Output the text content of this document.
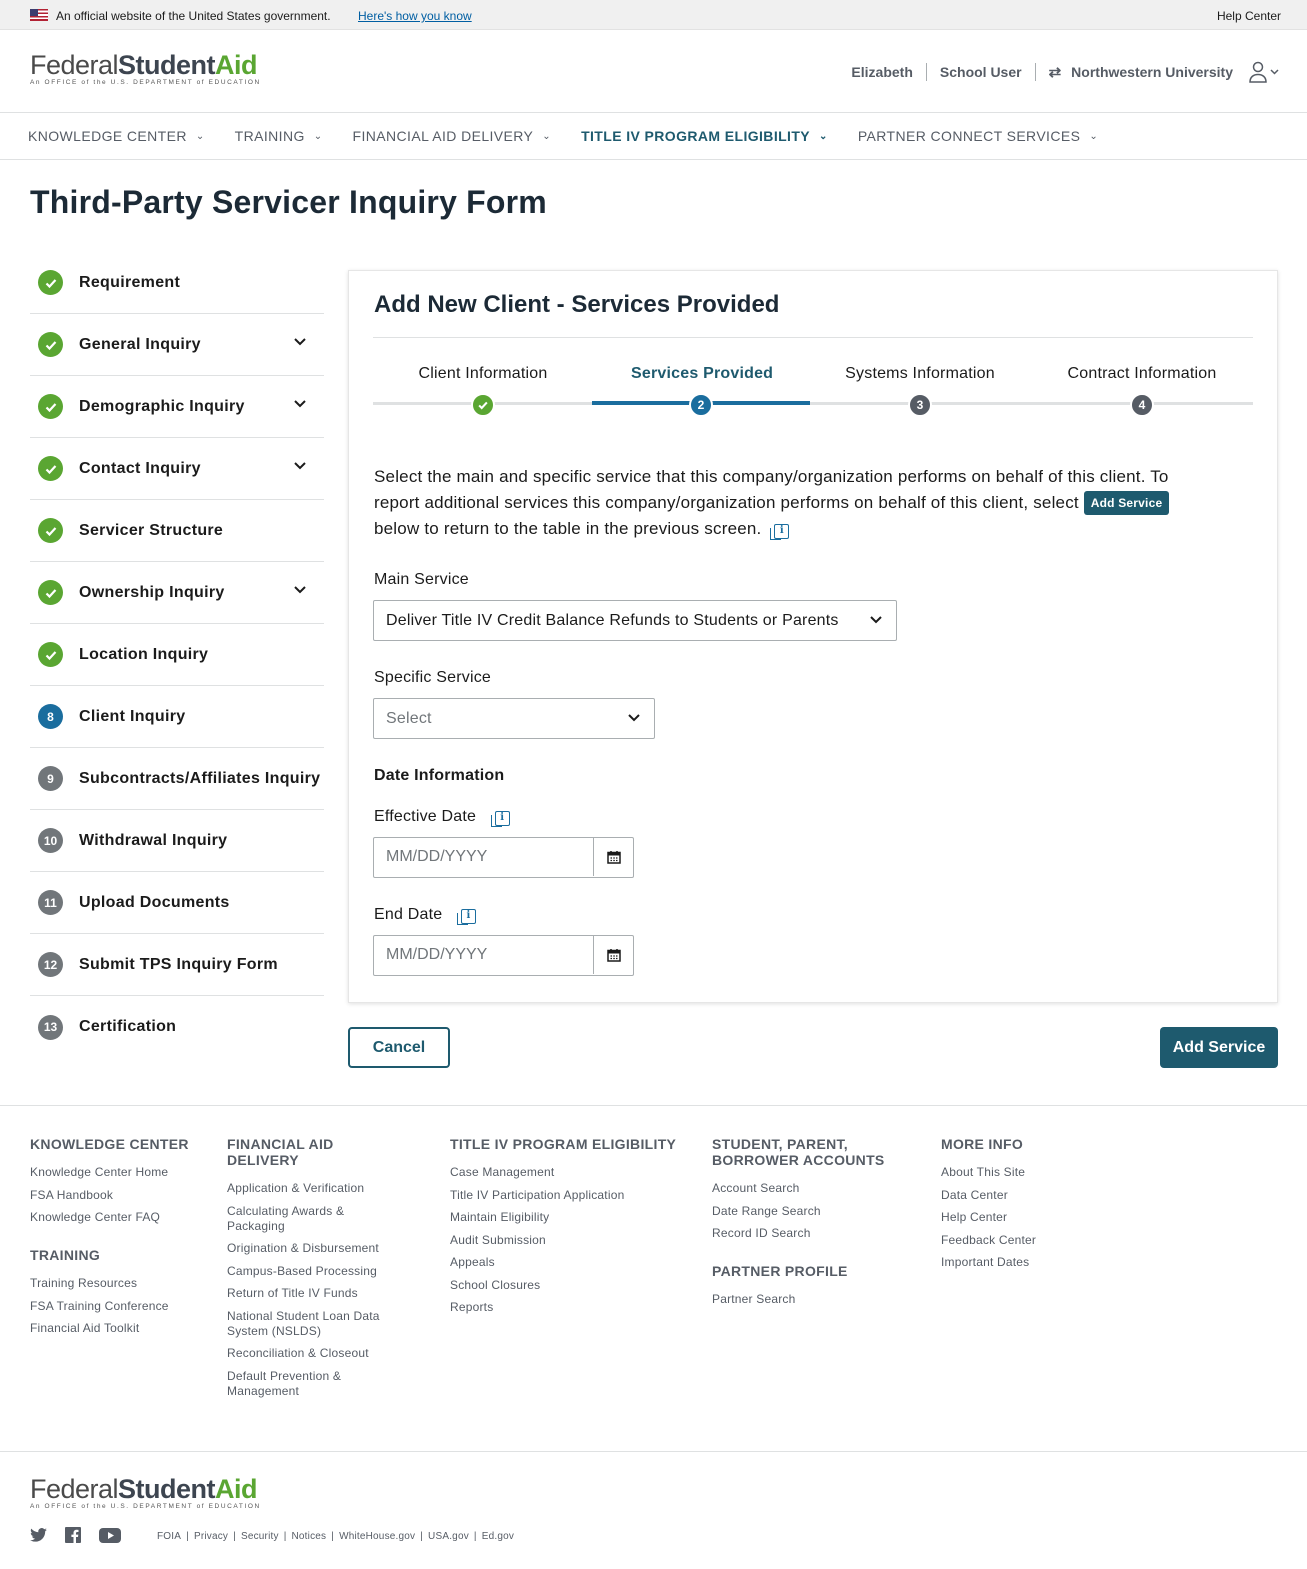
An official website of the United States government. Here's how you know	Help Center
FederalStudentAid
An OFFICE of the U.S. DEPARTMENT of EDUCATION
Elizabeth School User ⇄ Northwestern University
KNOWLEDGE CENTER ⌄ TRAINING ⌄ FINANCIAL AID DELIVERY ⌄ TITLE IV PROGRAM ELIGIBILITY ⌄ PARTNER CONNECT SERVICES ⌄
Third-Party Servicer Inquiry Form
Requirement
General Inquiry
Demographic Inquiry
Contact Inquiry
Servicer Structure
Ownership Inquiry
Location Inquiry
8	Client Inquiry
9	Subcontracts/Affiliates Inquiry
10	Withdrawal Inquiry
11	Upload Documents
12	Submit TPS Inquiry Form
13	Certification
Add New Client - Services Provided
Client Information	Services Provided
2
Systems Information
3
Contract Information
4

Select the main and specific service that this company/organization performs on behalf of this client. To report additional services this company/organization performs on behalf of this client, select Add Service below to return to the table in the previous screen. i

Main Service
Deliver Title IV Credit Balance Refunds to Students or Parents
Specific Service
Select
Date Information
Effective Date i
MM/DD/YYYY
End Date i
MM/DD/YYYY
Cancel	Add Service
KNOWLEDGE CENTER
Knowledge Center Home
FSA Handbook
Knowledge Center FAQ
TRAINING
Training Resources
FSA Training Conference
Financial Aid Toolkit
FINANCIAL AID DELIVERY
Application & Verification
Calculating Awards & Packaging
Origination & Disbursement
Campus-Based Processing
Return of Title IV Funds
National Student Loan Data System (NSLDS)
Reconciliation & Closeout
Default Prevention & Management
TITLE IV PROGRAM ELIGIBILITY
Case Management
Title IV Participation Application
Maintain Eligibility
Audit Submission
Appeals
School Closures
Reports
STUDENT, PARENT, BORROWER ACCOUNTS
Account Search
Date Range Search
Record ID Search
PARTNER PROFILE
Partner Search
MORE INFO
About This Site
Data Center
Help Center
Feedback Center
Important Dates
FederalStudentAid
An OFFICE of the U.S. DEPARTMENT of EDUCATION
FOIA | Privacy | Security | Notices | WhiteHouse.gov | USA.gov | Ed.gov
